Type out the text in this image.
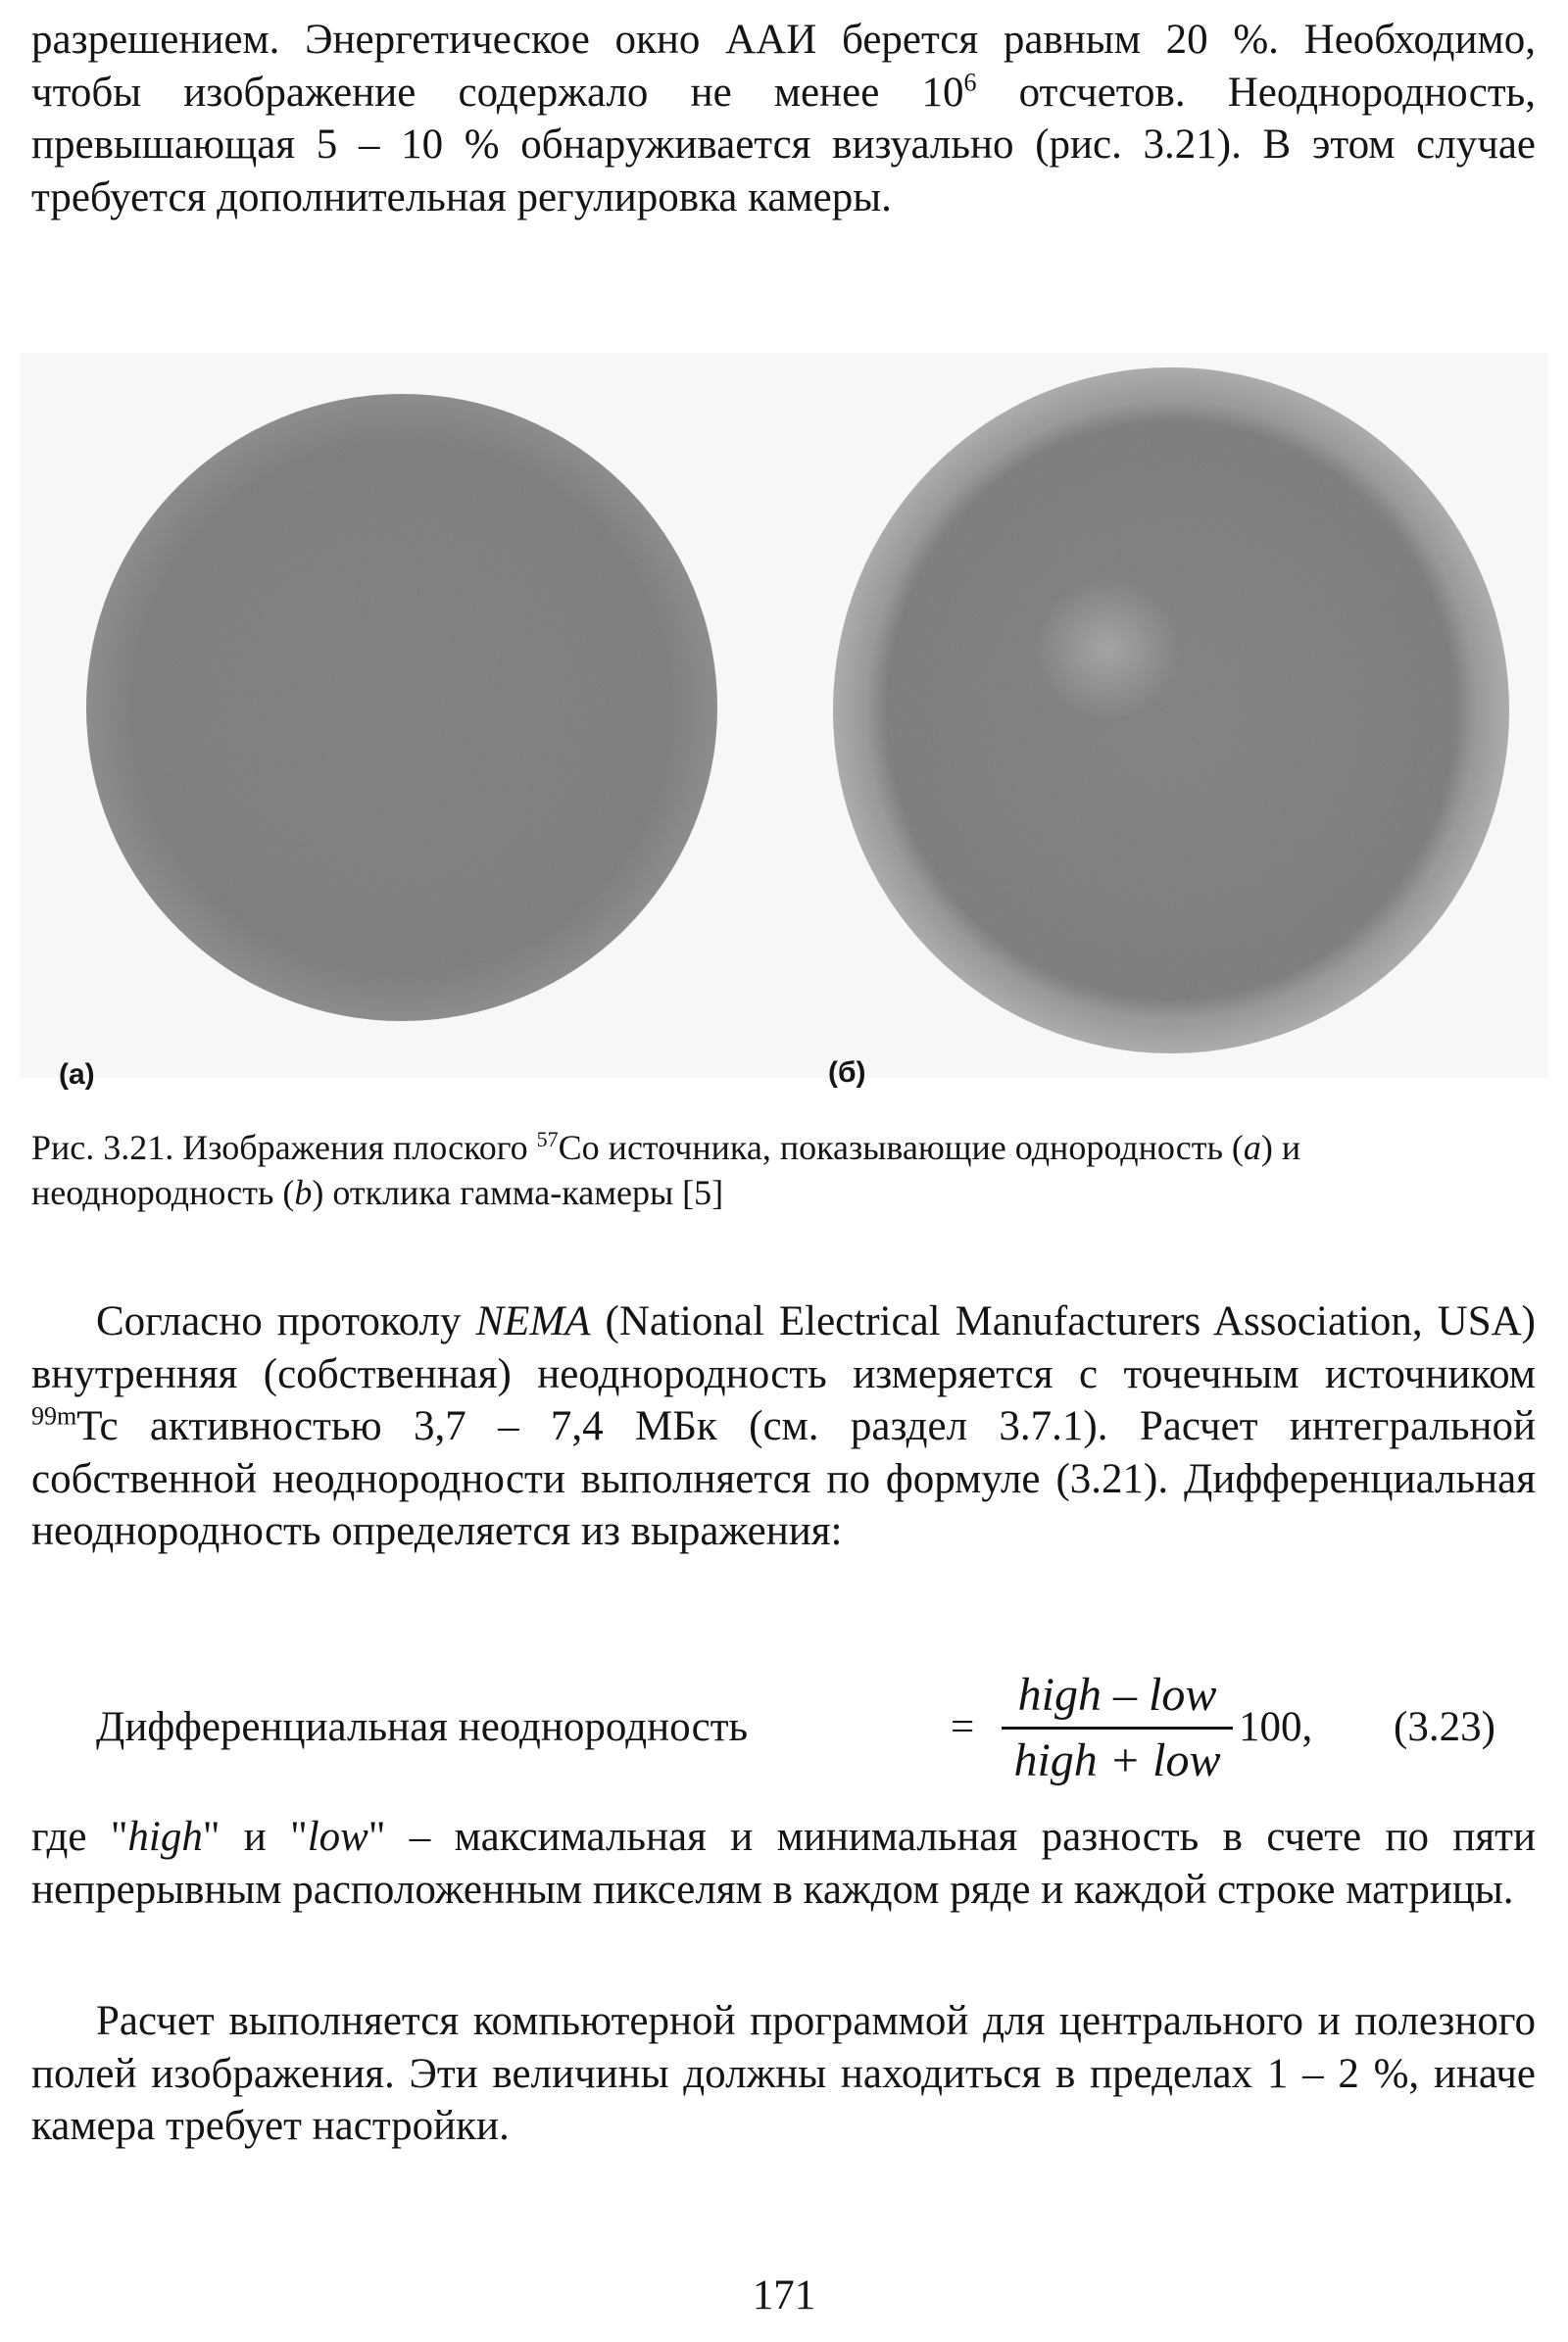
разрешением. Энергетическое окно ААИ берется равным 20 %. Необходимо, чтобы изображение содержало не менее $10^6$ отсчетов. Неоднородность, превышающая 5 – 10 % обнаруживается визуально (рис. 3.21). В этом случае требуется дополнительная регулировка камеры.

(а)	(б)

Рис. 3.21. Изображения плоского $^{57}$Co источника, показывающие однородность (a) и неоднородность (b) отклика гамма-камеры [5]

Согласно протоколу NEMA (National Electrical Manufacturers Association, USA) внутренняя (собственная) неоднородность измеряется с точечным источником $^{99m}$Tc активностью 3,7 – 7,4 МБк (см. раздел 3.7.1). Расчет интегральной собственной неоднородности выполняется по формуле (3.21). Дифференциальная неоднородность определяется из выражения:

Дифференциальная неоднородность	=
high – low
high + low
100, (3.23)

где "high" и "low" – максимальная и минимальная разность в счете по пяти непрерывным расположенным пикселям в каждом ряде и каждой строке матрицы.

Расчет выполняется компьютерной программой для центрального и полезного полей изображения. Эти величины должны находиться в пределах 1 – 2 %, иначе камера требует настройки.

171
